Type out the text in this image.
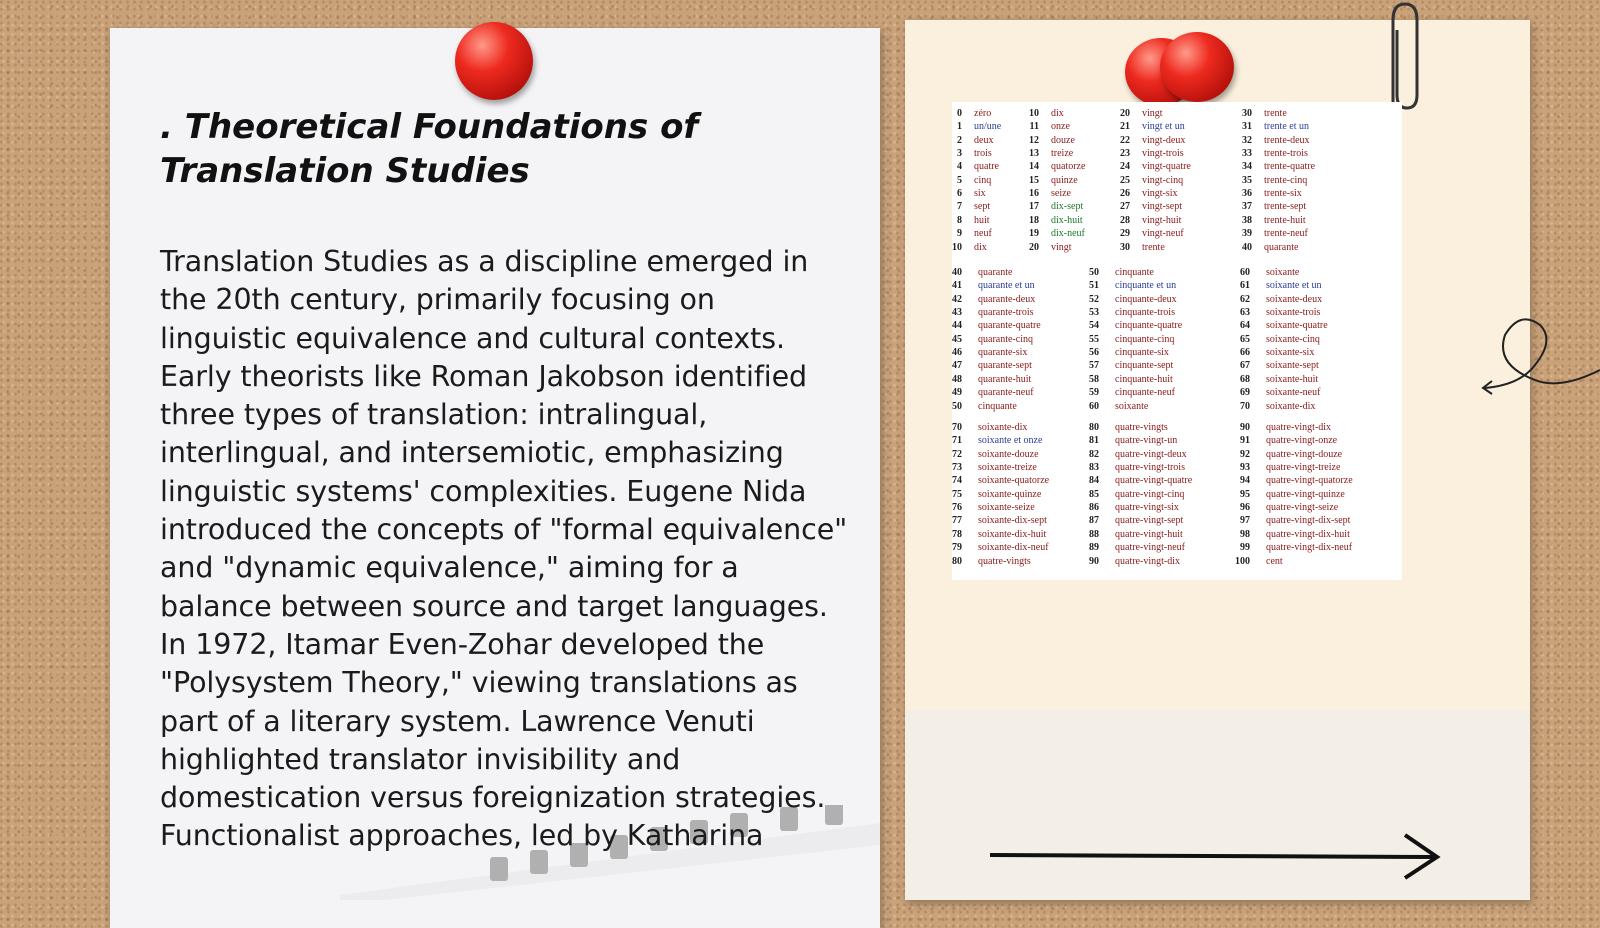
. Theoretical Foundations of Translation Studies
Translation Studies as a discipline emerged in the 20th century, primarily focusing on linguistic equivalence and cultural contexts. Early theorists like Roman Jakobson identified three types of translation: intralingual, interlingual, and intersemiotic, emphasizing linguistic systems' complexities. Eugene Nida introduced the concepts of "formal equivalence" and "dynamic equivalence," aiming for a balance between source and target languages. In 1972, Itamar Even-Zohar developed the "Polysystem Theory," viewing translations as part of a literary system. Lawrence Venuti highlighted translator invisibility and domestication versus foreignization strategies. Functionalist approaches, led by Katharina
0 zéro
1 un/une
2 deux
3 trois
4 quatre
5 cinq
6 six
7 sept
8 huit
9 neuf
10 dix
10 dix
11 onze
12 douze
13 treize
14 quatorze
15 quinze
16 seize
17 dix-sept
18 dix-huit
19 dix-neuf
20 vingt
20 vingt
21 vingt et un
22 vingt-deux
23 vingt-trois
24 vingt-quatre
25 vingt-cinq
26 vingt-six
27 vingt-sept
28 vingt-huit
29 vingt-neuf
30 trente
30 trente
31 trente et un
32 trente-deux
33 trente-trois
34 trente-quatre
35 trente-cinq
36 trente-six
37 trente-sept
38 trente-huit
39 trente-neuf
40 quarante
40 quarante
41 quarante et un
42 quarante-deux
43 quarante-trois
44 quarante-quatre
45 quarante-cinq
46 quarante-six
47 quarante-sept
48 quarante-huit
49 quarante-neuf
50 cinquante
50 cinquante
51 cinquante et un
52 cinquante-deux
53 cinquante-trois
54 cinquante-quatre
55 cinquante-cinq
56 cinquante-six
57 cinquante-sept
58 cinquante-huit
59 cinquante-neuf
60 soixante
60 soixante
61 soixante et un
62 soixante-deux
63 soixante-trois
64 soixante-quatre
65 soixante-cinq
66 soixante-six
67 soixante-sept
68 soixante-huit
69 soixante-neuf
70 soixante-dix
70 soixante-dix
71 soixante et onze
72 soixante-douze
73 soixante-treize
74 soixante-quatorze
75 soixante-quinze
76 soixante-seize
77 soixante-dix-sept
78 soixante-dix-huit
79 soixante-dix-neuf
80 quatre-vingts
80 quatre-vingts
81 quatre-vingt-un
82 quatre-vingt-deux
83 quatre-vingt-trois
84 quatre-vingt-quatre
85 quatre-vingt-cinq
86 quatre-vingt-six
87 quatre-vingt-sept
88 quatre-vingt-huit
89 quatre-vingt-neuf
90 quatre-vingt-dix
90 quatre-vingt-dix
91 quatre-vingt-onze
92 quatre-vingt-douze
93 quatre-vingt-treize
94 quatre-vingt-quatorze
95 quatre-vingt-quinze
96 quatre-vingt-seize
97 quatre-vingt-dix-sept
98 quatre-vingt-dix-huit
99 quatre-vingt-dix-neuf
100 cent
